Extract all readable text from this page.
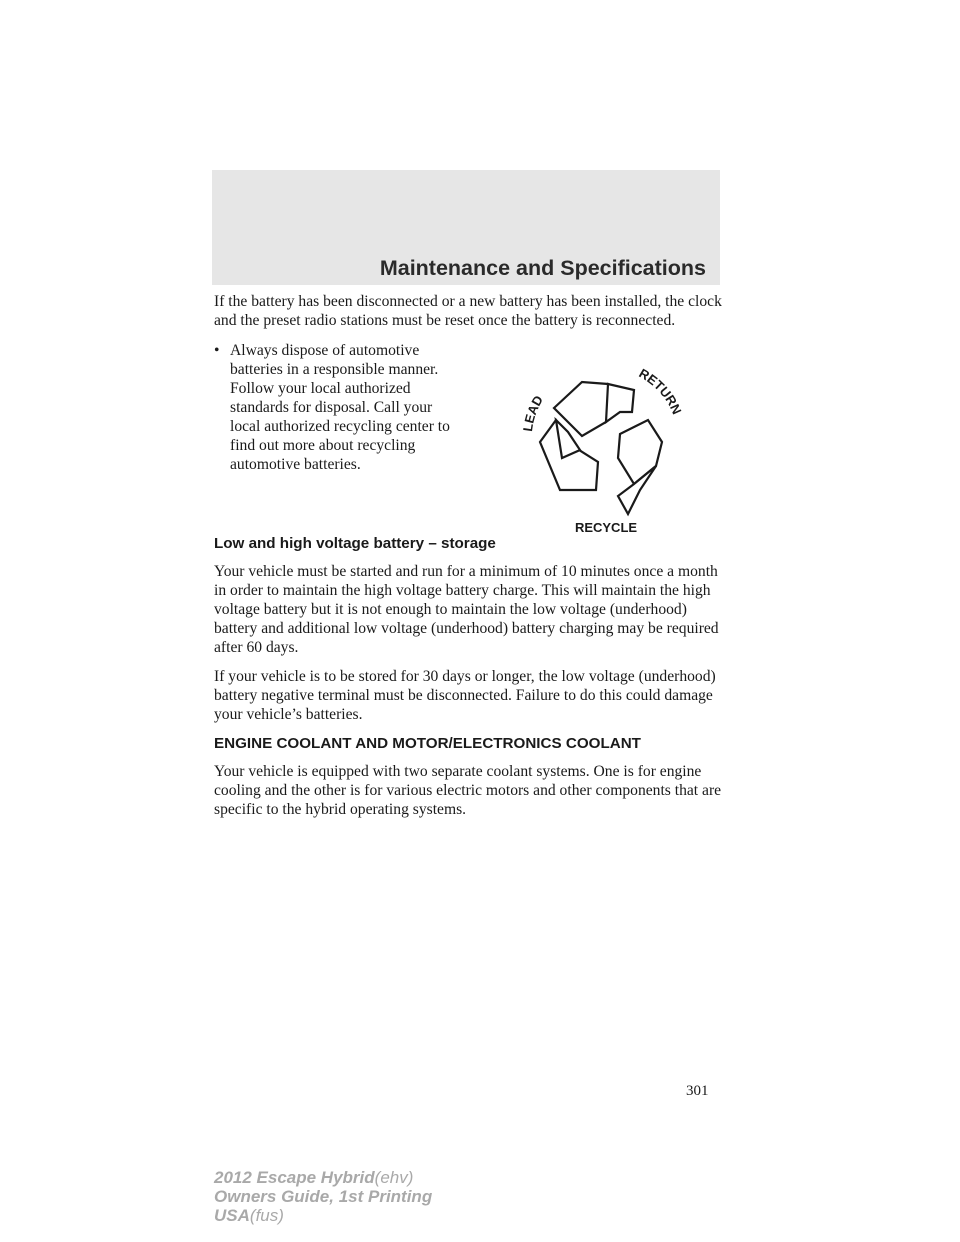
Maintenance and Specifications

If the battery has been disconnected or a new battery has been installed, the clock and the preset radio stations must be reset once the battery is reconnected.

• Always dispose of automotive batteries in a responsible manner. Follow your local authorized standards for disposal. Call your local authorized recycling center to find out more about recycling automotive batteries.
LEAD
RETURN
RECYCLE
Low and high voltage battery – storage

Your vehicle must be started and run for a minimum of 10 minutes once a month in order to maintain the high voltage battery charge. This will maintain the high voltage battery but it is not enough to maintain the low voltage (underhood) battery and additional low voltage (underhood) battery charging may be required after 60 days.

If your vehicle is to be stored for 30 days or longer, the low voltage (underhood) battery negative terminal must be disconnected. Failure to do this could damage your vehicle’s batteries.

ENGINE COOLANT AND MOTOR/ELECTRONICS COOLANT

Your vehicle is equipped with two separate coolant systems. One is for engine cooling and the other is for various electric motors and other components that are specific to the hybrid operating systems.

301
2012 Escape Hybrid(ehv)
Owners Guide, 1st Printing
USA(fus)
